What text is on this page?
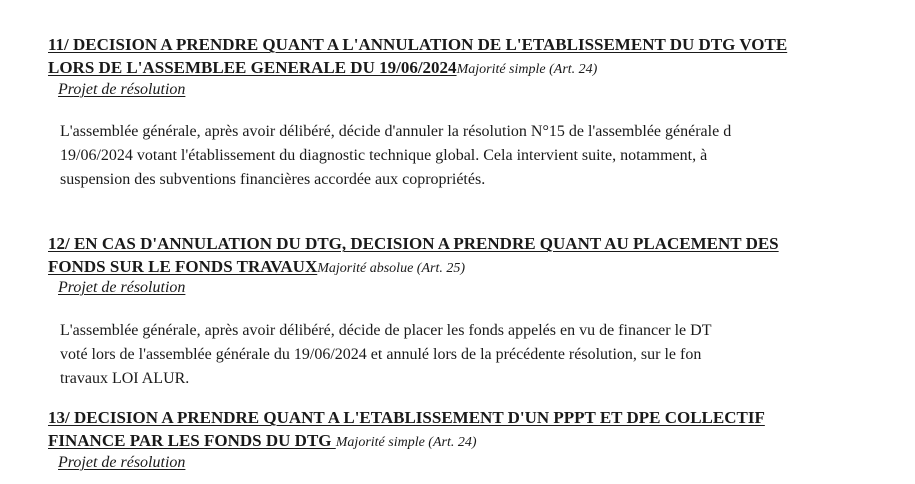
11/ DECISION A PRENDRE QUANT A L'ANNULATION DE L'ETABLISSEMENT DU DTG VOTE
LORS DE L'ASSEMBLEE GENERALE DU 19/06/2024Majorité simple (Art. 24)
Projet de résolution
L'assemblée générale, après avoir délibéré, décide d'annuler la résolution N°15 de l'assemblée générale d
19/06/2024 votant l'établissement du diagnostic technique global. Cela intervient suite, notamment, à
suspension des subventions financières accordée aux copropriétés.
12/ EN CAS D'ANNULATION DU DTG, DECISION A PRENDRE QUANT AU PLACEMENT DES
FONDS SUR LE FONDS TRAVAUXMajorité absolue (Art. 25)
Projet de résolution
L'assemblée générale, après avoir délibéré, décide de placer les fonds appelés en vu de financer le DT
voté lors de l'assemblée générale du 19/06/2024 et annulé lors de la précédente résolution, sur le fon
travaux LOI ALUR.
13/ DECISION A PRENDRE QUANT A L'ETABLISSEMENT D'UN PPPT ET DPE COLLECTIF
FINANCE PAR LES FONDS DU DTG Majorité simple (Art. 24)
Projet de résolution
